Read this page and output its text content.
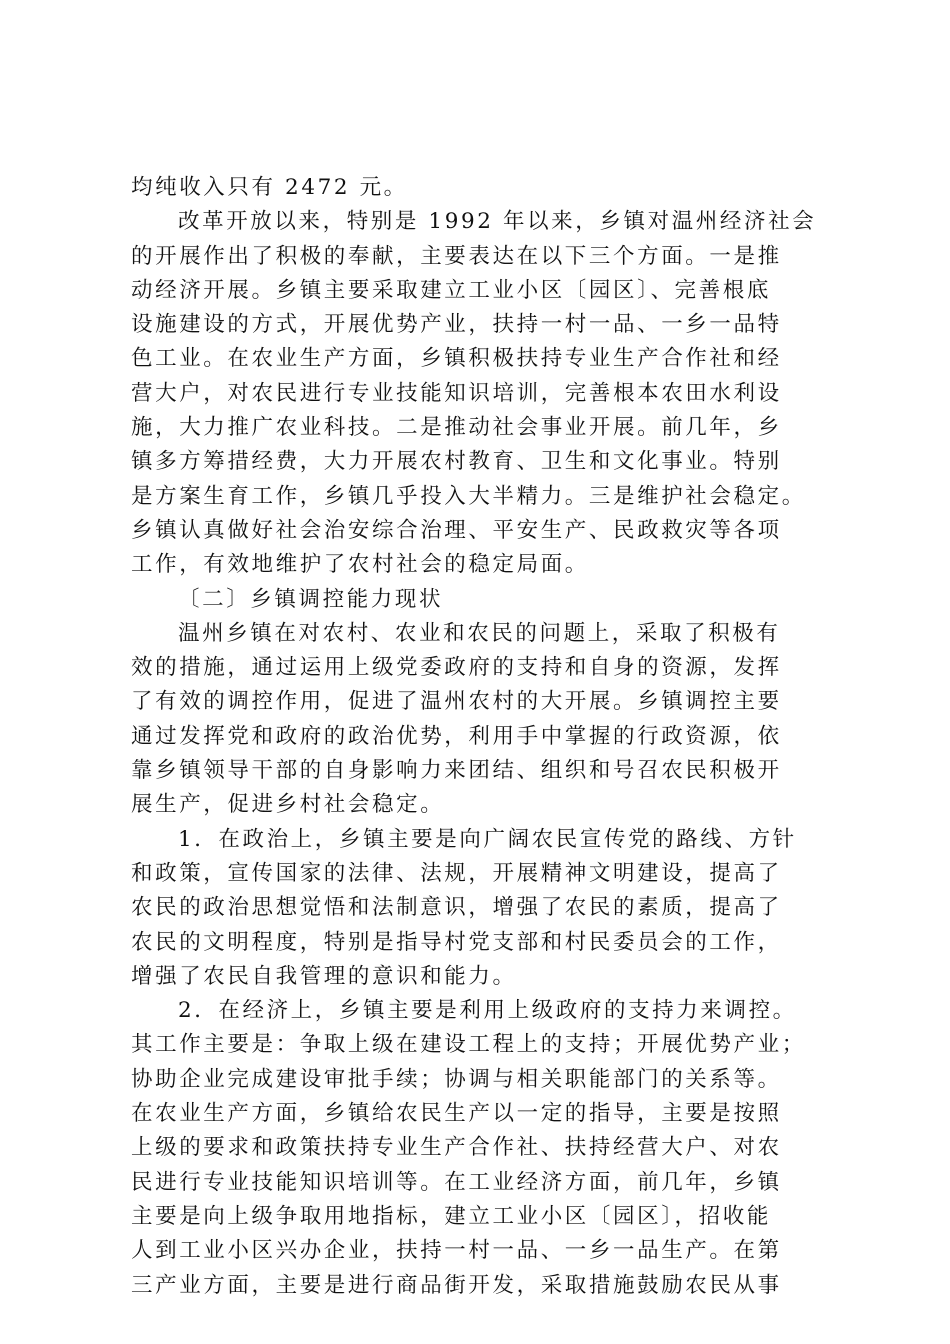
均纯收入只有 2472 元。
改革开放以来，特别是 1992 年以来，乡镇对温州经济社会
的开展作出了积极的奉献，主要表达在以下三个方面。一是推
动经济开展。乡镇主要采取建立工业小区〔园区〕、完善根底
设施建设的方式，开展优势产业，扶持一村一品、一乡一品特
色工业。在农业生产方面，乡镇积极扶持专业生产合作社和经
营大户，对农民进行专业技能知识培训，完善根本农田水利设
施，大力推广农业科技。二是推动社会事业开展。前几年，乡
镇多方筹措经费，大力开展农村教育、卫生和文化事业。特别
是方案生育工作，乡镇几乎投入大半精力。三是维护社会稳定。
乡镇认真做好社会治安综合治理、平安生产、民政救灾等各项
工作，有效地维护了农村社会的稳定局面。
〔二〕乡镇调控能力现状
温州乡镇在对农村、农业和农民的问题上，采取了积极有
效的措施，通过运用上级党委政府的支持和自身的资源，发挥
了有效的调控作用，促进了温州农村的大开展。乡镇调控主要
通过发挥党和政府的政治优势，利用手中掌握的行政资源，依
靠乡镇领导干部的自身影响力来团结、组织和号召农民积极开
展生产，促进乡村社会稳定。
1．在政治上，乡镇主要是向广阔农民宣传党的路线、方针
和政策，宣传国家的法律、法规，开展精神文明建设，提高了
农民的政治思想觉悟和法制意识，增强了农民的素质，提高了
农民的文明程度，特别是指导村党支部和村民委员会的工作，
增强了农民自我管理的意识和能力。
2．在经济上，乡镇主要是利用上级政府的支持力来调控。
其工作主要是：争取上级在建设工程上的支持；开展优势产业；
协助企业完成建设审批手续；协调与相关职能部门的关系等。
在农业生产方面，乡镇给农民生产以一定的指导，主要是按照
上级的要求和政策扶持专业生产合作社、扶持经营大户、对农
民进行专业技能知识培训等。在工业经济方面，前几年，乡镇
主要是向上级争取用地指标，建立工业小区〔园区〕，招收能
人到工业小区兴办企业，扶持一村一品、一乡一品生产。在第
三产业方面，主要是进行商品街开发，采取措施鼓励农民从事
